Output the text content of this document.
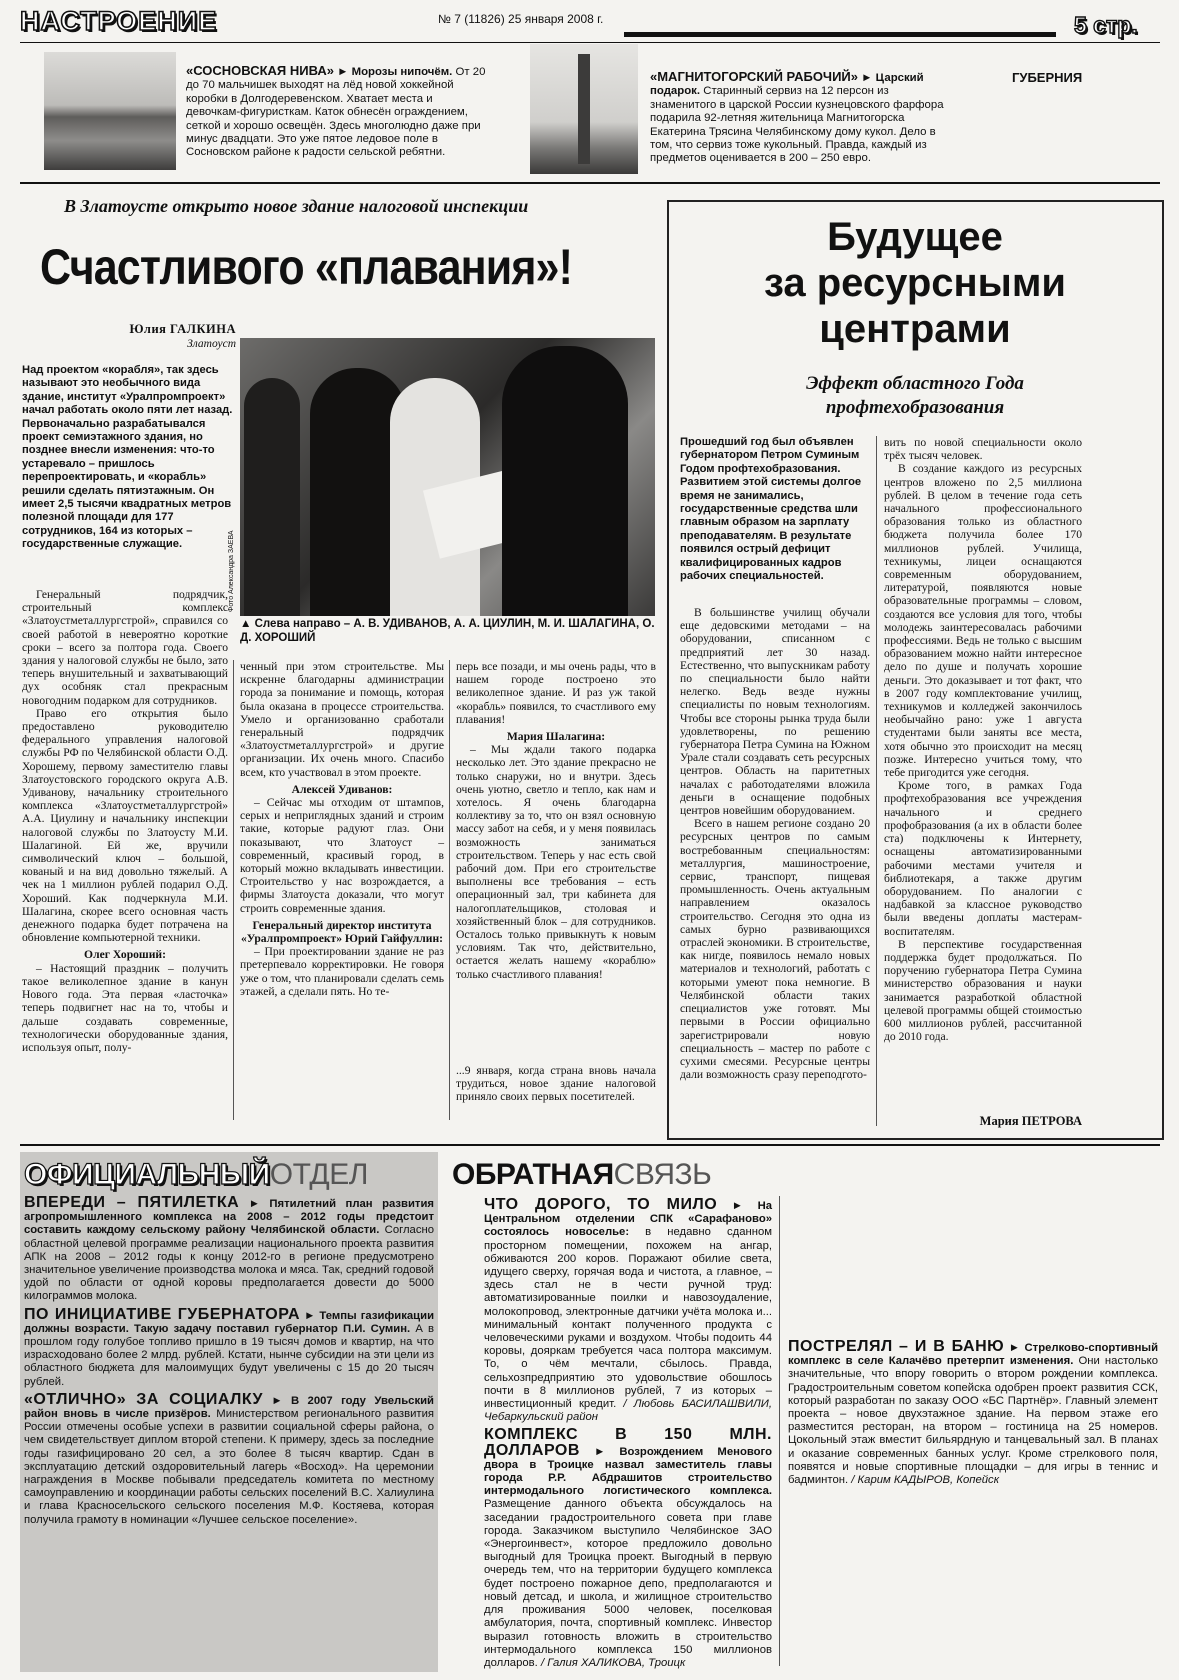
НАСТРОЕНИЕ	№ 7 (11826) 25 января 2008 г.	5 стр.
«СОСНОВСКАЯ НИВА» ► Морозы нипочём. От 20 до 70 мальчишек выходят на лёд новой хоккейной коробки в Долгодеревенском. Хватает места и девочкам-фигуристкам. Каток обнесён ограждением, сеткой и хорошо освещён. Здесь многолюдно даже при минус двадцати. Это уже пятое ледовое поле в Сосновском районе к радости сельской ребятни.
«МАГНИТОГОРСКИЙ РАБОЧИЙ» ► Царский подарок. Старинный сервиз на 12 персон из знаменитого в царской России кузнецовского фарфора подарила 92-летняя жительница Магнитогорска Екатерина Трясина Челябинскому дому кукол. Дело в том, что сервиз тоже кукольный. Правда, каждый из предметов оценивается в 200 – 250 евро.
ГУБЕРНИЯ
В Златоусте открыто новое здание налоговой инспекции
Счастливого «плавания»!
Юлия ГАЛКИНА
Златоуст

Над проектом «корабля», так здесь называют это необычного вида здание, институт «Уралпромпроект» начал работать около пяти лет назад. Первоначально разрабатывался проект семиэтажного здания, но позднее внесли изменения: что-то устаревало – пришлось перепроектировать, и «корабль» решили сделать пятиэтажным. Он имеет 2,5 тысячи квадратных метров полезной площади для 177 сотрудников, 164 из которых – государственные служащие.	Фото Александра ЗАЕВА
▲ Слева направо – А. В. УДИВАНОВ, А. А. ЦИУЛИН, М. И. ШАЛАГИНА, О. Д. ХОРОШИЙ

Генеральный подрядчик, строительный комплекс «Златоустметаллургстрой», справился со своей работой в невероятно короткие сроки – всего за полтора года. Своего здания у налоговой службы не было, зато теперь внушительный и захватывающий дух особняк стал прекрасным новогодним подарком для сотрудников.

Право его открытия было предоставлено руководителю федерального управления налоговой службы РФ по Челябинской области О.Д. Хорошему, первому заместителю главы Златоустовского городского округа А.В. Удиванову, начальнику строительного комплекса «Златоустметаллургстрой» А.А. Циулину и начальнику инспекции налоговой службы по Златоусту М.И. Шалагиной. Ей же, вручили символический ключ – большой, кованый и на вид довольно тяжелый. А чек на 1 миллион рублей подарил О.Д. Хороший. Как подчеркнула М.И. Шалагина, скорее всего основная часть денежного подарка будет потрачена на обновление компьютерной техники.

Олег Хороший:

– Настоящий праздник – получить такое великолепное здание в канун Нового года. Эта первая «ласточка» теперь подвигнет нас на то, чтобы и дальше создавать современные, технологически оборудованные здания, используя опыт, полу-

ченный при этом строительстве. Мы искренне благодарны администрации города за понимание и помощь, которая была оказана в процессе строительства. Умело и организованно сработали генеральный подрядчик «Златоустметаллургстрой» и другие организации. Их очень много. Спасибо всем, кто участвовал в этом проекте.

Алексей Удиванов:

– Сейчас мы отходим от штампов, серых и неприглядных зданий и строим такие, которые радуют глаз. Они показывают, что Златоуст – современный, красивый город, в который можно вкладывать инвестиции. Строительство у нас возрождается, а фирмы Златоуста доказали, что могут строить современные здания.

Генеральный директор института «Уралпромпроект» Юрий Гайфуллин:

– При проектировании здание не раз претерпевало корректировки. Не говоря уже о том, что планировали сделать семь этажей, а сделали пять. Но те-

перь все позади, и мы очень рады, что в нашем городе построено это великолепное здание. И раз уж такой «корабль» появился, то счастливого ему плавания!

Мария Шалагина:

– Мы ждали такого подарка несколько лет. Это здание прекрасно не только снаружи, но и внутри. Здесь очень уютно, светло и тепло, как нам и хотелось. Я очень благодарна коллективу за то, что он взял основную массу забот на себя, и у меня появилась возможность заниматься строительством. Теперь у нас есть свой рабочий дом. При его строительстве выполнены все требования – есть операционный зал, три кабинета для налогоплательщиков, столовая и хозяйственный блок – для сотрудников. Осталось только привыкнуть к новым условиям. Так что, действительно, остается желать нашему «кораблю» только счастливого плавания!

...9 января, когда страна вновь начала трудиться, новое здание налоговой приняло своих первых посетителей.

Будущее
за ресурсными
центрами
Эффект областного Года
профтехобразования

Прошедший год был объявлен губернатором Петром Суминым Годом профтехобразования. Развитием этой системы долгое время не занимались, государственные средства шли главным образом на зарплату преподавателям. В результате появился острый дефицит квалифицированных кадров рабочих специальностей.

В большинстве училищ обучали еще дедовскими методами – на оборудовании, списанном с предприятий лет 30 назад. Естественно, что выпускникам работу по специальности было найти нелегко. Ведь везде нужны специалисты по новым технологиям. Чтобы все стороны рынка труда были удовлетворены, по решению губернатора Петра Сумина на Южном Урале стали создавать сеть ресурсных центров. Область на паритетных началах с работодателями вложила деньги в оснащение подобных центров новейшим оборудованием.

Всего в нашем регионе создано 20 ресурсных центров по самым востребованным специальностям: металлургия, машиностроение, сервис, транспорт, пищевая промышленность. Очень актуальным направлением оказалось строительство. Сегодня это одна из самых бурно развивающихся отраслей экономики. В строительстве, как нигде, появилось немало новых материалов и технологий, работать с которыми умеют пока немногие. В Челябинской области таких специалистов уже готовят. Мы первыми в России официально зарегистрировали новую специальность – мастер по работе с сухими смесями. Ресурсные центры дали возможность сразу переподгото-

вить по новой специальности около трёх тысяч человек.

В создание каждого из ресурсных центров вложено по 2,5 миллиона рублей. В целом в течение года сеть начального профессионального образования только из областного бюджета получила более 170 миллионов рублей. Училища, техникумы, лицеи оснащаются современным оборудованием, литературой, появляются новые образовательные программы – словом, создаются все условия для того, чтобы молодежь заинтересовалась рабочими профессиями. Ведь не только с высшим образованием можно найти интересное дело по душе и получать хорошие деньги. Это доказывает и тот факт, что в 2007 году комплектование училищ, техникумов и колледжей закончилось необычайно рано: уже 1 августа студентами были заняты все места, хотя обычно это происходит на месяц позже. Интересно учиться тому, что тебе пригодится уже сегодня.

Кроме того, в рамках Года профтехобразования все учреждения начального и среднего профобразования (а их в области более ста) подключены к Интернету, оснащены автоматизированными рабочими местами учителя и библиотекаря, а также другим оборудованием. По аналогии с надбавкой за классное руководство были введены доплаты мастерам-воспитателям.

В перспективе государственная поддержка будет продолжаться. По поручению губернатора Петра Сумина министерство образования и науки занимается разработкой областной целевой программы общей стоимостью 600 миллионов рублей, рассчитанной до 2010 года.

Мария ПЕТРОВА
ОФИЦИАЛЬНЫЙОТДЕЛ

ВПЕРЕДИ – ПЯТИЛЕТКА ► Пятилетний план развития агропромышленного комплекса на 2008 – 2012 годы предстоит составить каждому сельскому району Челябинской области. Согласно областной целевой программе реализации национального проекта развития АПК на 2008 – 2012 годы к концу 2012-го в регионе предусмотрено значительное увеличение производства молока и мяса. Так, средний годовой удой по области от одной коровы предполагается довести до 5000 килограммов молока.

ПО ИНИЦИАТИВЕ ГУБЕРНАТОРА ► Темпы газификации должны возрасти. Такую задачу поставил губернатор П.И. Сумин. А в прошлом году голубое топливо пришло в 19 тысяч домов и квартир, на что израсходовано более 2 млрд. рублей. Кстати, нынче субсидии на эти цели из областного бюджета для малоимущих будут увеличены с 15 до 20 тысяч рублей.

«ОТЛИЧНО» ЗА СОЦИАЛКУ ► В 2007 году Увельский район вновь в числе призёров. Министерством регионального развития России отмечены особые успехи в развитии социальной сферы района, о чем свидетельствует диплом второй степени. К примеру, здесь за последние годы газифицировано 20 сел, а это более 8 тысяч квартир. Сдан в эксплуатацию детский оздоровительный лагерь «Восход». На церемонии награждения в Москве побывали председатель комитета по местному самоуправлению и координации работы сельских поселений В.С. Халиулина и глава Красносельского сельского поселения М.Ф. Костяева, которая получила грамоту в номинации «Лучшее сельское поселение».

ОБРАТНАЯСВЯЗЬ

ЧТО ДОРОГО, ТО МИЛО ► На Центральном отделении СПК «Сарафаново» состоялось новоселье: в недавно сданном просторном помещении, похожем на ангар, обживаются 200 коров. Поражают обилие света, идущего сверху, горячая вода и чистота, а главное, – здесь стал не в чести ручной труд: автоматизированные поилки и навозоудаление, молокопровод, электронные датчики учёта молока и... минимальный контакт полученного продукта с человеческими руками и воздухом. Чтобы подоить 44 коровы, дояркам требуется часа полтора максимум. То, о чём мечтали, сбылось. Правда, сельхозпредприятию это удовольствие обошлось почти в 8 миллионов рублей, 7 из которых – инвестиционный кредит. / Любовь БАСИЛАШВИЛИ, Чебаркульский район

КОМПЛЕКС В 150 МЛН. ДОЛЛАРОВ ► Возрождением Менового двора в Троицке назвал заместитель главы города Р.Р. Абдрашитов строительство интермодального логистического комплекса. Размещение данного объекта обсуждалось на заседании градостроительного совета при главе города. Заказчиком выступило Челябинское ЗАО «Энергоинвест», которое предложило довольно выгодный для Троицка проект. Выгодный в первую очередь тем, что на территории будущего комплекса будет построено пожарное депо, предполагаются и новый детсад, и школа, и жилищное строительство для проживания 5000 человек, поселковая амбулатория, почта, спортивный комплекс. Инвестор выразил готовность вложить в строительство интермодального комплекса 150 миллионов долларов. / Галия ХАЛИКОВА, Троицк

ПОСТРЕЛЯЛ – И В БАНЮ ► Стрелково-спортивный комплекс в селе Калачёво претерпит изменения. Они настолько значительные, что впору говорить о втором рождении комплекса. Градостроительным советом копейска одобрен проект развития ССК, который разработан по заказу ООО «БС Партнёр». Главный элемент проекта – новое двухэтажное здание. На первом этаже его разместится ресторан, на втором – гостиница на 25 номеров. Цокольный этаж вместит бильярдную и танцевальный зал. В планах и оказание современных банных услуг. Кроме стрелкового поля, появятся и новые спортивные площадки – для игры в теннис и бадминтон. / Карим КАДЫРОВ, Копейск
